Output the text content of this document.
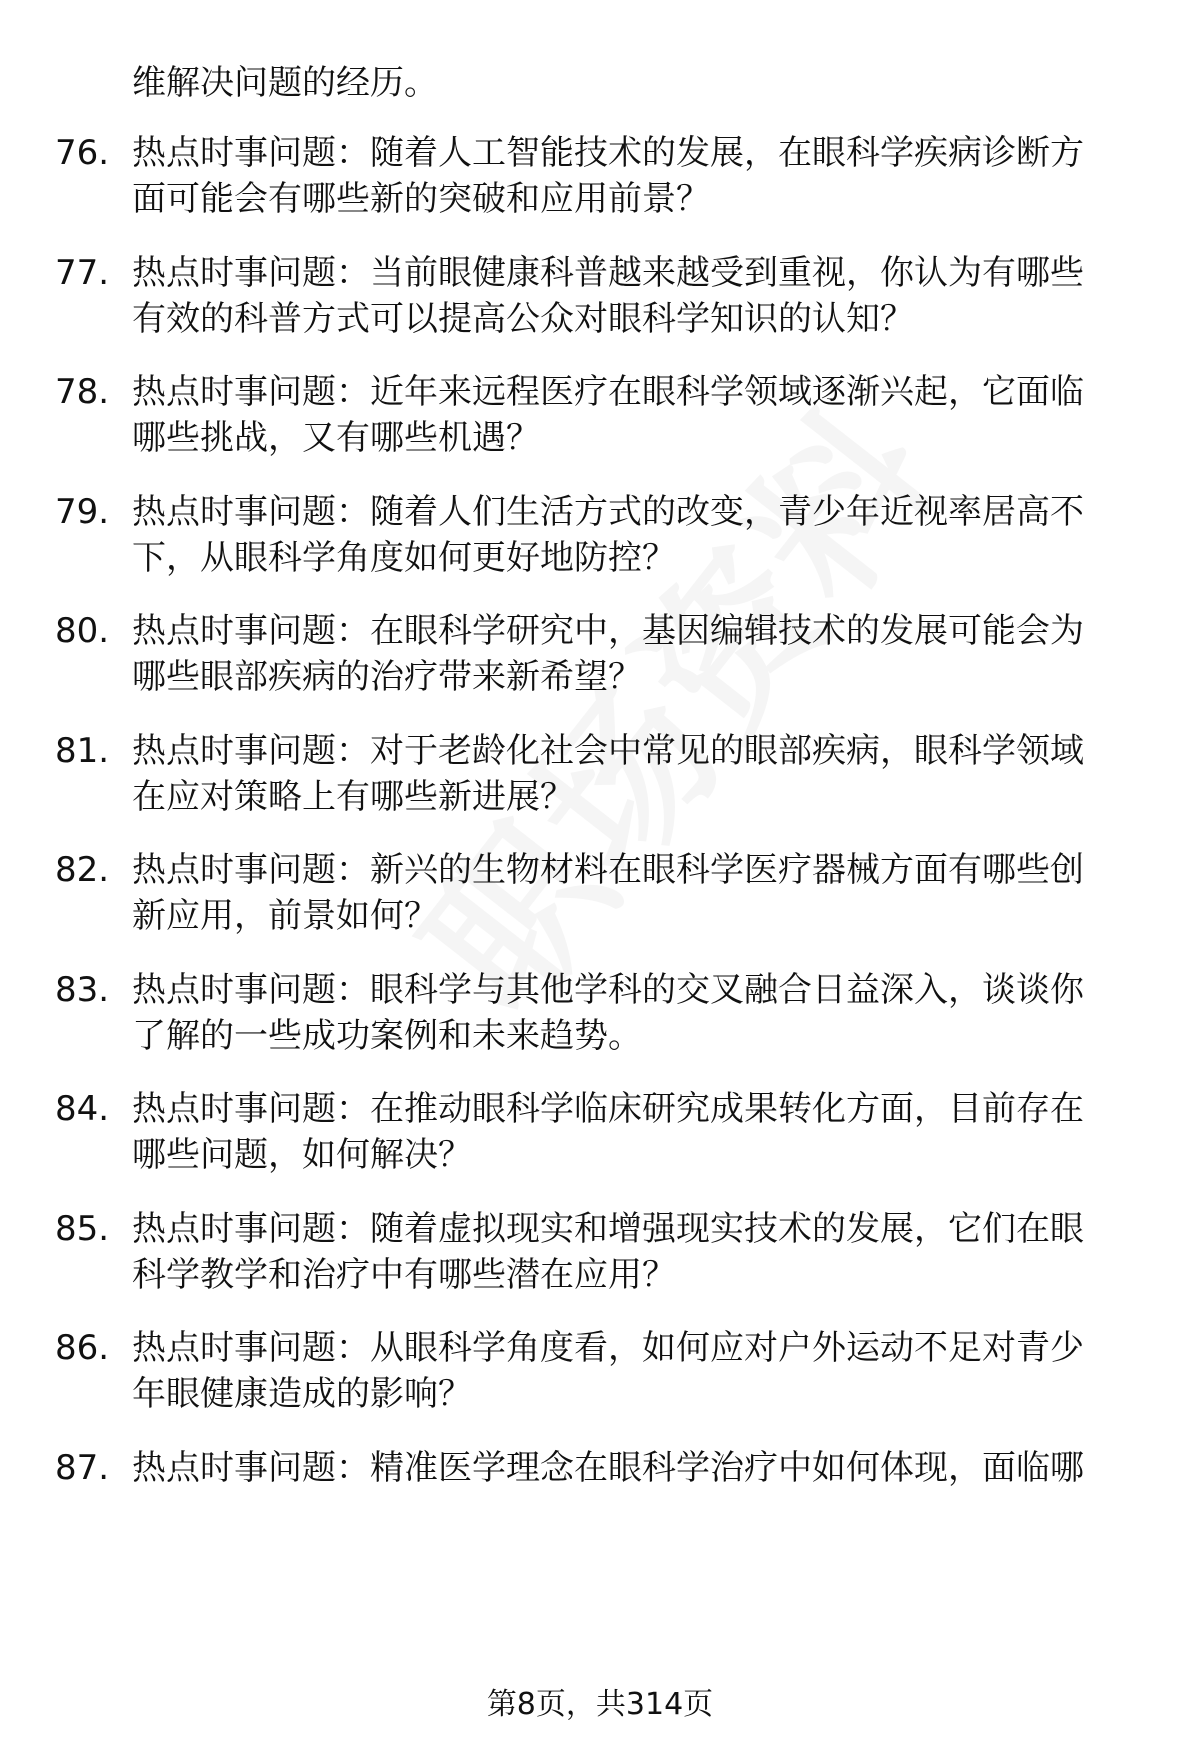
维解决问题的经历。
76. 热点时事问题：随着人工智能技术的发展，在眼科学疾病诊断方
面可能会有哪些新的突破和应用前景？
77. 热点时事问题：当前眼健康科普越来越受到重视，你认为有哪些
有效的科普方式可以提高公众对眼科学知识的认知？
78. 热点时事问题：近年来远程医疗在眼科学领域逐渐兴起，它面临
哪些挑战，又有哪些机遇？
79. 热点时事问题：随着人们生活方式的改变，青少年近视率居高不
下，从眼科学角度如何更好地防控？
80. 热点时事问题：在眼科学研究中，基因编辑技术的发展可能会为
哪些眼部疾病的治疗带来新希望？
81. 热点时事问题：对于老龄化社会中常见的眼部疾病，眼科学领域
在应对策略上有哪些新进展？
82. 热点时事问题：新兴的生物材料在眼科学医疗器械方面有哪些创
新应用，前景如何？
83. 热点时事问题：眼科学与其他学科的交叉融合日益深入，谈谈你
了解的一些成功案例和未来趋势。
84. 热点时事问题：在推动眼科学临床研究成果转化方面，目前存在
哪些问题，如何解决？
85. 热点时事问题：随着虚拟现实和增强现实技术的发展，它们在眼
科学教学和治疗中有哪些潜在应用？
86. 热点时事问题：从眼科学角度看，如何应对户外运动不足对青少
年眼健康造成的影响？
87. 热点时事问题：精准医学理念在眼科学治疗中如何体现，面临哪
第8页，共314页
